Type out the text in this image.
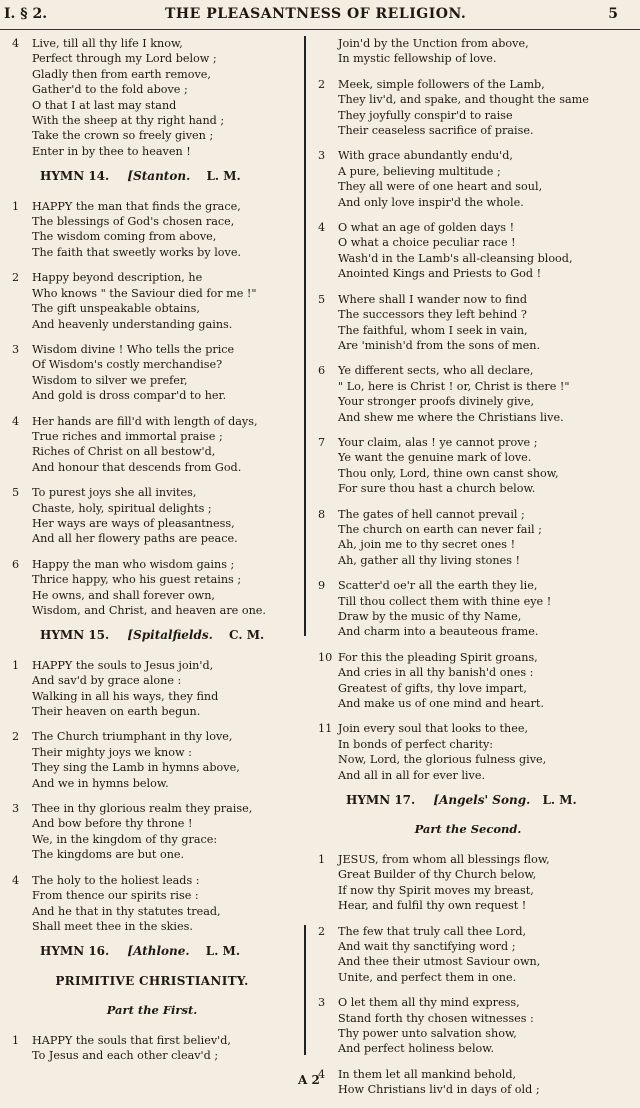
I. § 2.	THE PLEASANTNESS OF RELIGION.	5
4 Live, till all thy life I know,
Perfect through my Lord below ;
Gladly then from earth remove,
Gather'd to the fold above ;
O that I at last may stand
With the sheep at thy right hand ;
Take the crown so freely given ;
Enter in by thee to heaven !
HYMN 14. [Stanton. L. M.
1 HAPPY the man that finds the grace,
The blessings of God's chosen race,
The wisdom coming from above,
The faith that sweetly works by love.
2 Happy beyond description, he
Who knows " the Saviour died for me !"
The gift unspeakable obtains,
And heavenly understanding gains.
3 Wisdom divine ! Who tells the price
Of Wisdom's costly merchandise?
Wisdom to silver we prefer,
And gold is dross compar'd to her.
4 Her hands are fill'd with length of days,
True riches and immortal praise ;
Riches of Christ on all bestow'd,
And honour that descends from God.
5 To purest joys she all invites,
Chaste, holy, spiritual delights ;
Her ways are ways of pleasantness,
And all her flowery paths are peace.
6 Happy the man who wisdom gains ;
Thrice happy, who his guest retains ;
He owns, and shall forever own,
Wisdom, and Christ, and heaven are one.
HYMN 15. [Spitalfields. C. M.
1 HAPPY the souls to Jesus join'd,
And sav'd by grace alone :
Walking in all his ways, they find
Their heaven on earth begun.
2 The Church triumphant in thy love,
Their mighty joys we know :
They sing the Lamb in hymns above,
And we in hymns below.
3 Thee in thy glorious realm they praise,
And bow before thy throne !
We, in the kingdom of thy grace:
The kingdoms are but one.
4 The holy to the holiest leads :
From thence our spirits rise :
And he that in thy statutes tread,
Shall meet thee in the skies.
HYMN 16. [Athlone. L. M.
PRIMITIVE CHRISTIANITY.
Part the First.
1 HAPPY the souls that first believ'd,
To Jesus and each other cleav'd ;
Join'd by the Unction from above,
In mystic fellowship of love.
2 Meek, simple followers of the Lamb,
They liv'd, and spake, and thought the same
They joyfully conspir'd to raise
Their ceaseless sacrifice of praise.
3 With grace abundantly endu'd,
A pure, believing multitude ;
They all were of one heart and soul,
And only love inspir'd the whole.
4 O what an age of golden days !
O what a choice peculiar race !
Wash'd in the Lamb's all-cleansing blood,
Anointed Kings and Priests to God !
5 Where shall I wander now to find
The successors they left behind ?
The faithful, whom I seek in vain,
Are 'minish'd from the sons of men.
6 Ye different sects, who all declare,
" Lo, here is Christ ! or, Christ is there !"
Your stronger proofs divinely give,
And shew me where the Christians live.
7 Your claim, alas ! ye cannot prove ;
Ye want the genuine mark of love.
Thou only, Lord, thine own canst show,
For sure thou hast a church below.
8 The gates of hell cannot prevail ;
The church on earth can never fail ;
Ah, join me to thy secret ones !
Ah, gather all thy living stones !
9 Scatter'd oe'r all the earth they lie,
Till thou collect them with thine eye !
Draw by the music of thy Name,
And charm into a beauteous frame.
10 For this the pleading Spirit groans,
And cries in all thy banish'd ones :
Greatest of gifts, thy love impart,
And make us of one mind and heart.
11 Join every soul that looks to thee,
In bonds of perfect charity:
Now, Lord, the glorious fulness give,
And all in all for ever live.
HYMN 17. [Angels' Song. L. M.
Part the Second.
1 JESUS, from whom all blessings flow,
Great Builder of thy Church below,
If now thy Spirit moves my breast,
Hear, and fulfil thy own request !
2 The few that truly call thee Lord,
And wait thy sanctifying word ;
And thee their utmost Saviour own,
Unite, and perfect them in one.
3 O let them all thy mind express,
Stand forth thy chosen witnesses :
Thy power unto salvation show,
And perfect holiness below.
4 In them let all mankind behold,
How Christians liv'd in days of old ;
A 2
